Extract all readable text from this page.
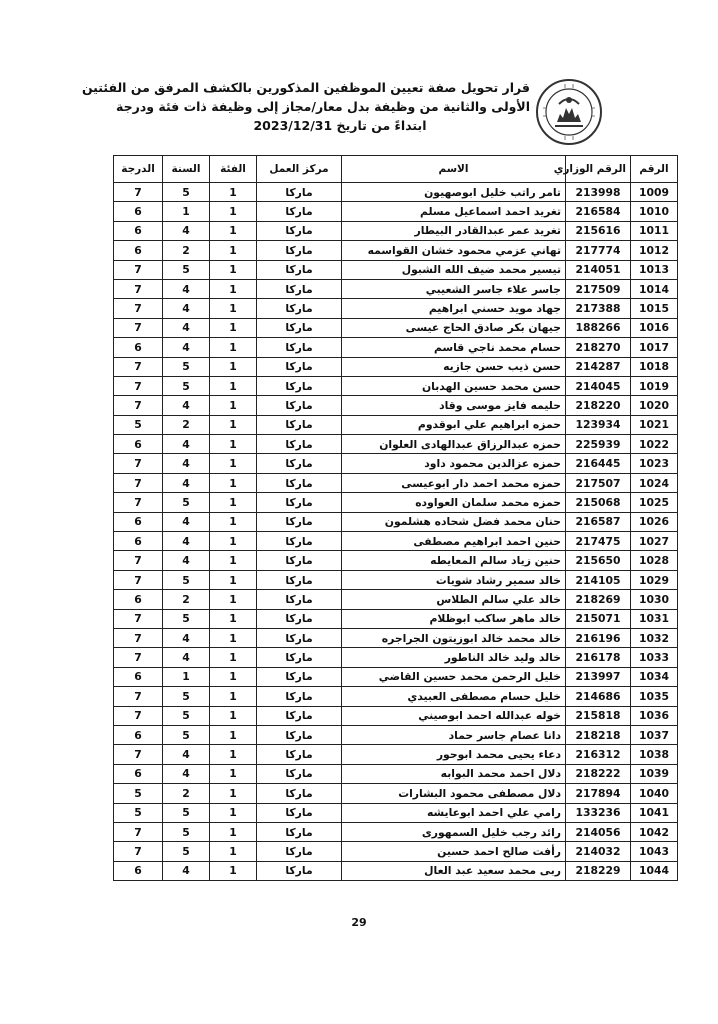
قرار تحويل صفة تعيين الموظفين المذكورين بالكشف المرفق من الفئتين
الأولى والثانية من وظيفة بدل معار/مجاز إلى وظيفة ذات فئة ودرجة
ابتداءً من تاريخ 2023/12/31
الرقم	الرقم الوزاري	الاسم	مركز العمل	الفئة	السنة	الدرجة
1009	213998	تامر راتب خليل ابوصهيون	ماركا	1	5	7
1010	216584	تغريد احمد اسماعيل مسلم	ماركا	1	1	6
1011	215616	تغريد عمر عبدالقادر البيطار	ماركا	1	4	6
1012	217774	تهاني عزمي محمود خشان القواسمه	ماركا	1	2	6
1013	214051	تيسير محمد ضيف الله الشبول	ماركا	1	5	7
1014	217509	جاسر علاء جاسر الشعيبي	ماركا	1	4	7
1015	217388	جهاد مويد حسني ابراهيم	ماركا	1	4	7
1016	188266	جيهان بكر صادق الحاج عيسى	ماركا	1	4	7
1017	218270	حسام محمد ناجي قاسم	ماركا	1	4	6
1018	214287	حسن ذيب حسن جازيه	ماركا	1	5	7
1019	214045	حسن محمد حسين الهدبان	ماركا	1	5	7
1020	218220	حليمه فايز موسى وقاد	ماركا	1	4	7
1021	123934	حمزه ابراهيم علي ابوقدوم	ماركا	1	2	5
1022	225939	حمزه عبدالرزاق عبدالهادى العلوان	ماركا	1	4	6
1023	216445	حمزه عزالدين محمود داود	ماركا	1	4	7
1024	217507	حمزه محمد احمد دار ابوعيسى	ماركا	1	4	7
1025	215068	حمزه محمد سلمان العواوده	ماركا	1	5	7
1026	216587	حنان محمد فضل شحاده هشلمون	ماركا	1	4	6
1027	217475	حنين احمد ابراهيم مصطفى	ماركا	1	4	6
1028	215650	حنين زياد سالم المعايطه	ماركا	1	4	7
1029	214105	خالد سمير رشاد شويات	ماركا	1	5	7
1030	218269	خالد علي سالم الطلاس	ماركا	1	2	6
1031	215071	خالد ماهر ساكب ابوظلام	ماركا	1	5	7
1032	216196	خالد محمد خالد ابوزيتون الجراجره	ماركا	1	4	7
1033	216178	خالد وليد خالد الناطور	ماركا	1	4	7
1034	213997	خليل الرحمن محمد حسين القاضي	ماركا	1	1	6
1035	214686	خليل حسام مصطفى العبيدي	ماركا	1	5	7
1036	215818	خوله عبدالله احمد ابوصيني	ماركا	1	5	7
1037	218218	دانا عصام جاسر حماد	ماركا	1	5	6
1038	216312	دعاء يحيى محمد ابوحور	ماركا	1	4	7
1039	218222	دلال احمد محمد البوابه	ماركا	1	4	6
1040	217894	دلال مصطفى محمود البشارات	ماركا	1	2	5
1041	133236	رامي علي احمد ابوعايشه	ماركا	1	5	5
1042	214056	رائد رجب خليل السمهورى	ماركا	1	5	7
1043	214032	رأفت صالح احمد حسين	ماركا	1	5	7
1044	218229	ربى محمد سعيد عبد العال	ماركا	1	4	6
29
